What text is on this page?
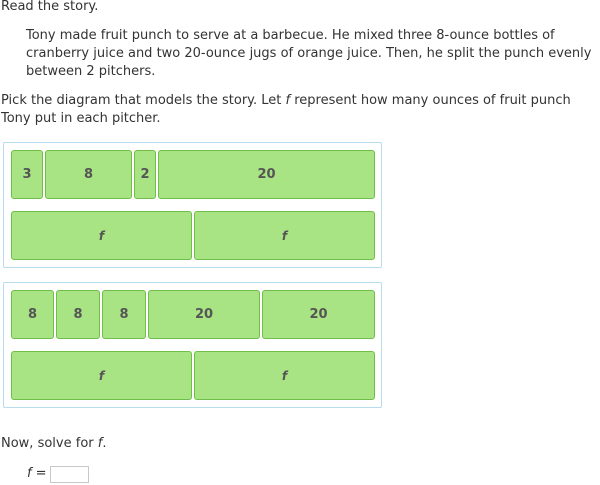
Read the story.
Tony made fruit punch to serve at a barbecue. He mixed three 8-ounce bottles of cranberry juice and two 20-ounce jugs of orange juice. Then, he split the punch evenly between 2 pitchers.
Pick the diagram that models the story. Let f represent how many ounces of fruit punch Tony put in each pitcher.
3	8	2	20
f	f
8	8	8	20	20
f	f
Now, solve for f.
f =
